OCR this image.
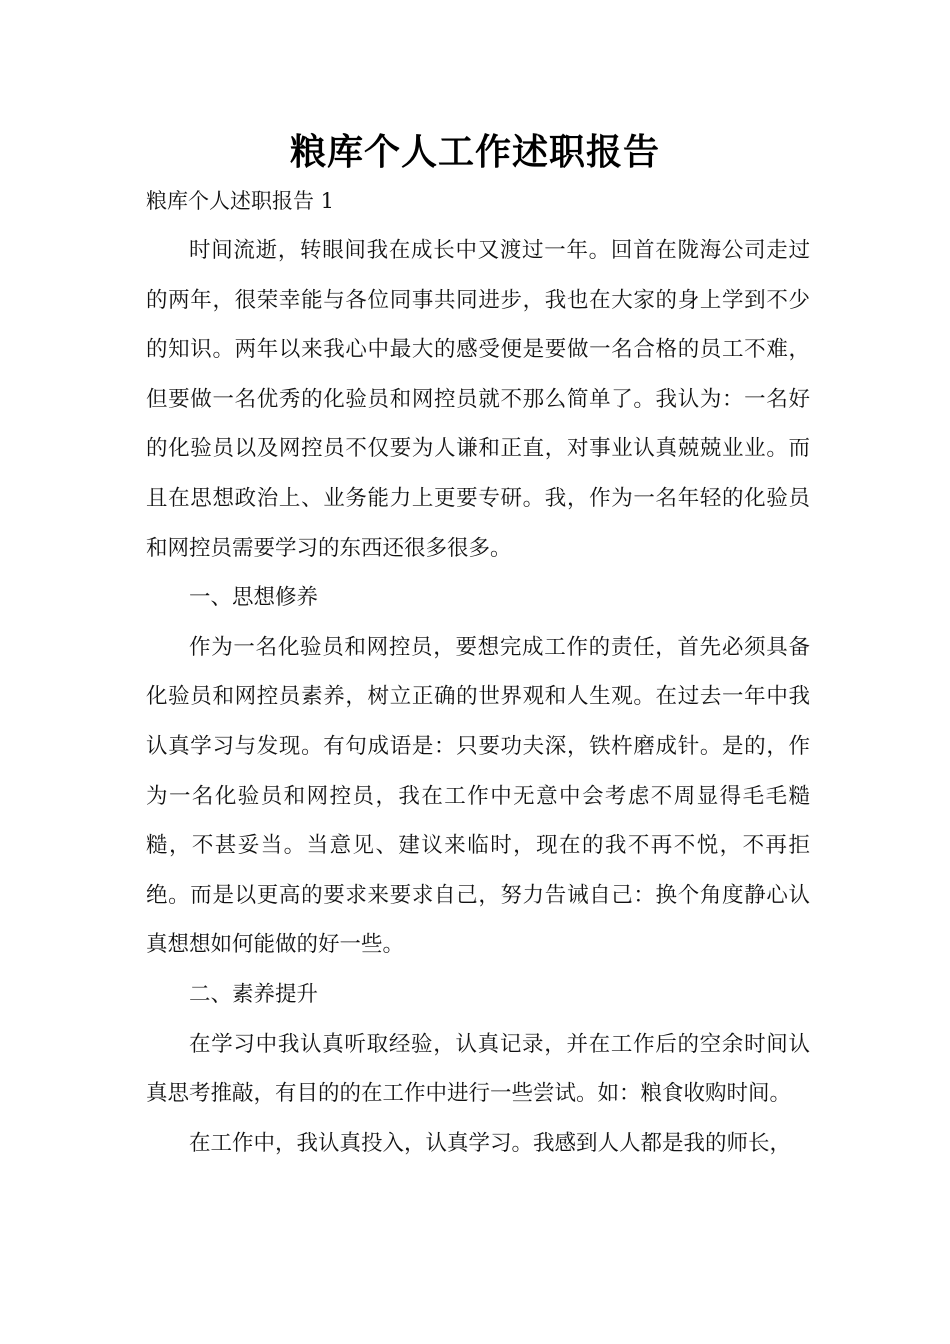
粮库个人工作述职报告
粮库个人述职报告 1

时间流逝，转眼间我在成长中又渡过一年。回首在陇海公司走过的两年，很荣幸能与各位同事共同进步，我也在大家的身上学到不少的知识。两年以来我心中最大的感受便是要做一名合格的员工不难，但要做一名优秀的化验员和网控员就不那么简单了。我认为：一名好的化验员以及网控员不仅要为人谦和正直，对事业认真兢兢业业。而且在思想政治上、业务能力上更要专研。我，作为一名年轻的化验员和网控员需要学习的东西还很多很多。

一、思想修养

作为一名化验员和网控员，要想完成工作的责任，首先必须具备化验员和网控员素养，树立正确的世界观和人生观。在过去一年中我认真学习与发现。有句成语是：只要功夫深，铁杵磨成针。是的，作为一名化验员和网控员，我在工作中无意中会考虑不周显得毛毛糙糙，不甚妥当。当意见、建议来临时，现在的我不再不悦，不再拒绝。而是以更高的要求来要求自己，努力告诫自己：换个角度静心认真想想如何能做的好一些。

二、素养提升

在学习中我认真听取经验，认真记录，并在工作后的空余时间认真思考推敲，有目的的在工作中进行一些尝试。如：粮食收购时间。

在工作中，我认真投入，认真学习。我感到人人都是我的师长，
